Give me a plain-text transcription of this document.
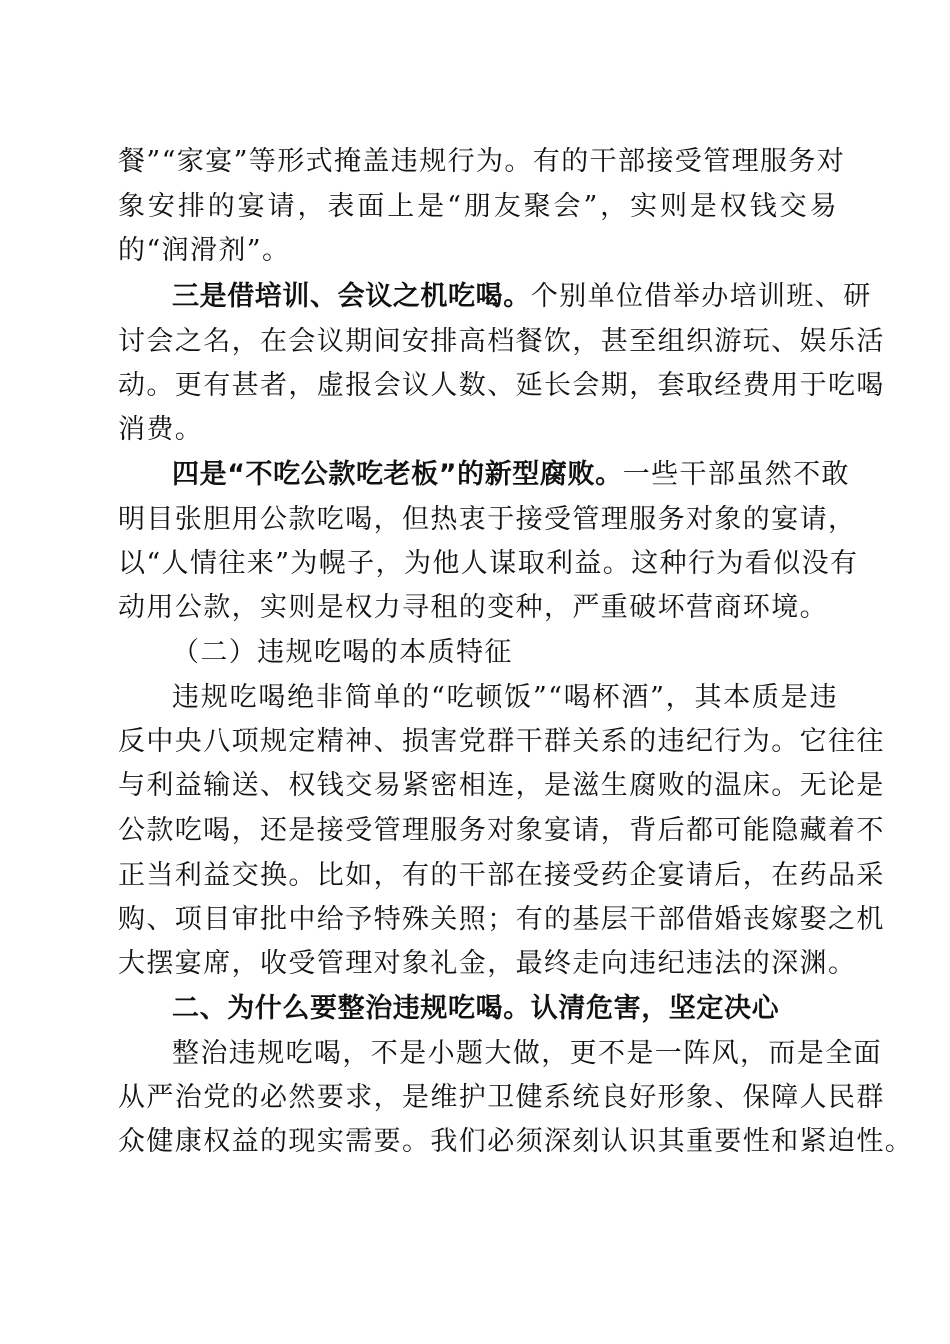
餐”“家宴”等形式掩盖违规行为。有的干部接受管理服务对

象安排的宴请，表面上是“朋友聚会”，实则是权钱交易

的“润滑剂”。

三是借培训、会议之机吃喝。个别单位借举办培训班、研

讨会之名，在会议期间安排高档餐饮，甚至组织游玩、娱乐活

动。更有甚者，虚报会议人数、延长会期，套取经费用于吃喝

消费。

四是“不吃公款吃老板”的新型腐败。一些干部虽然不敢

明目张胆用公款吃喝，但热衷于接受管理服务对象的宴请，

以“人情往来”为幌子，为他人谋取利益。这种行为看似没有

动用公款，实则是权力寻租的变种，严重破坏营商环境。

（二）违规吃喝的本质特征

违规吃喝绝非简单的“吃顿饭”“喝杯酒”，其本质是违

反中央八项规定精神、损害党群干群关系的违纪行为。它往往

与利益输送、权钱交易紧密相连，是滋生腐败的温床。无论是

公款吃喝，还是接受管理服务对象宴请，背后都可能隐藏着不

正当利益交换。比如，有的干部在接受药企宴请后，在药品采

购、项目审批中给予特殊关照；有的基层干部借婚丧嫁娶之机

大摆宴席，收受管理对象礼金，最终走向违纪违法的深渊。

二、为什么要整治违规吃喝。认清危害，坚定决心

整治违规吃喝，不是小题大做，更不是一阵风，而是全面

从严治党的必然要求，是维护卫健系统良好形象、保障人民群

众健康权益的现实需要。我们必须深刻认识其重要性和紧迫性。
